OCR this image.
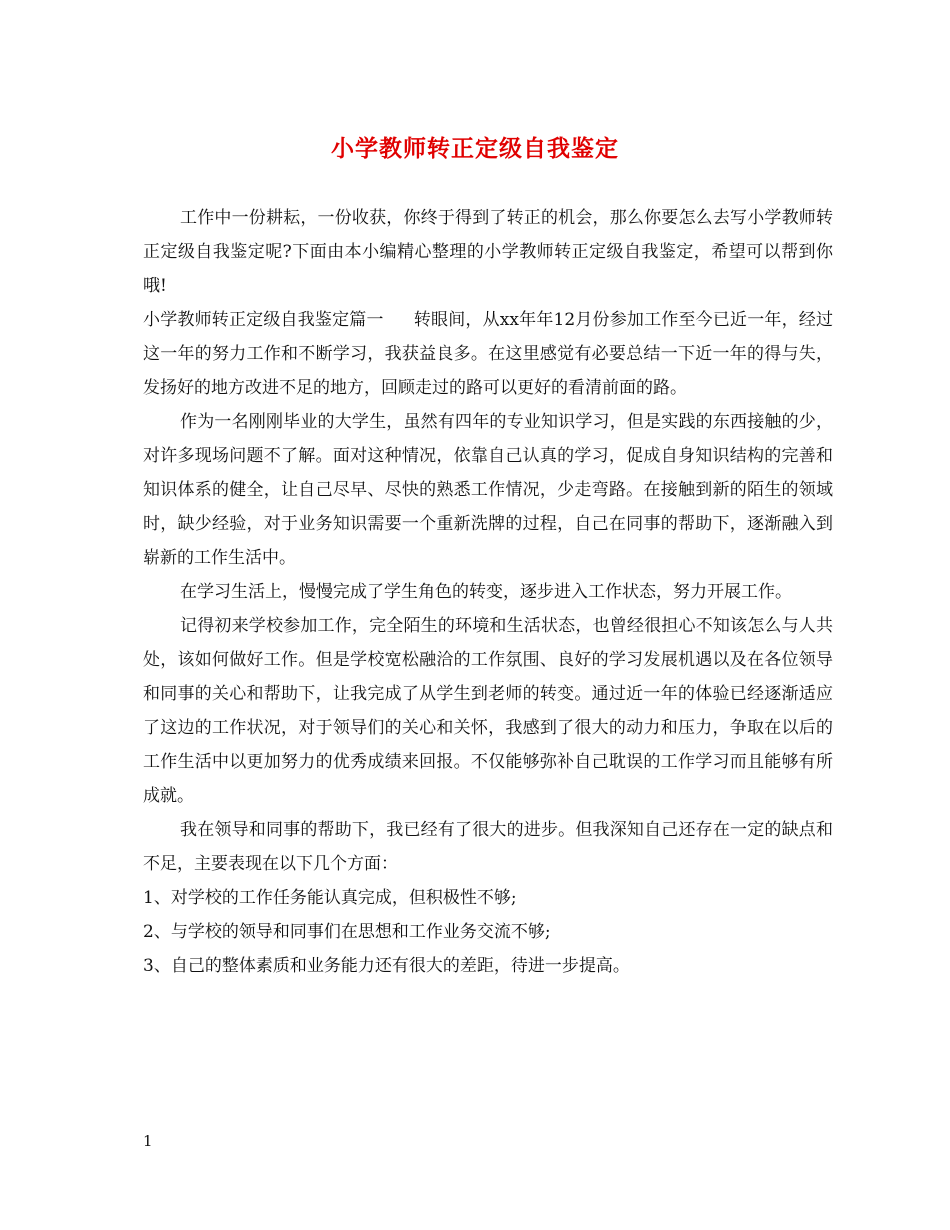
小学教师转正定级自我鉴定

工作中一份耕耘，一份收获，你终于得到了转正的机会，那么你要怎么去写小学教师转正定级自我鉴定呢?下面由本小编精心整理的小学教师转正定级自我鉴定，希望可以帮到你哦!

小学教师转正定级自我鉴定篇一 转眼间，从xx年年12月份参加工作至今已近一年，经过这一年的努力工作和不断学习，我获益良多。在这里感觉有必要总结一下近一年的得与失，发扬好的地方改进不足的地方，回顾走过的路可以更好的看清前面的路。

作为一名刚刚毕业的大学生，虽然有四年的专业知识学习，但是实践的东西接触的少，对许多现场问题不了解。面对这种情况，依靠自己认真的学习，促成自身知识结构的完善和知识体系的健全，让自己尽早、尽快的熟悉工作情况，少走弯路。在接触到新的陌生的领域时，缺少经验，对于业务知识需要一个重新洗牌的过程，自己在同事的帮助下，逐渐融入到崭新的工作生活中。

在学习生活上，慢慢完成了学生角色的转变，逐步进入工作状态，努力开展工作。

记得初来学校参加工作，完全陌生的环境和生活状态，也曾经很担心不知该怎么与人共处，该如何做好工作。但是学校宽松融洽的工作氛围、良好的学习发展机遇以及在各位领导和同事的关心和帮助下，让我完成了从学生到老师的转变。通过近一年的体验已经逐渐适应了这边的工作状况，对于领导们的关心和关怀，我感到了很大的动力和压力，争取在以后的工作生活中以更加努力的优秀成绩来回报。不仅能够弥补自己耽误的工作学习而且能够有所成就。

我在领导和同事的帮助下，我已经有了很大的进步。但我深知自己还存在一定的缺点和不足，主要表现在以下几个方面：

1、对学校的工作任务能认真完成，但积极性不够;

2、与学校的领导和同事们在思想和工作业务交流不够;

3、自己的整体素质和业务能力还有很大的差距，待进一步提高。

1
